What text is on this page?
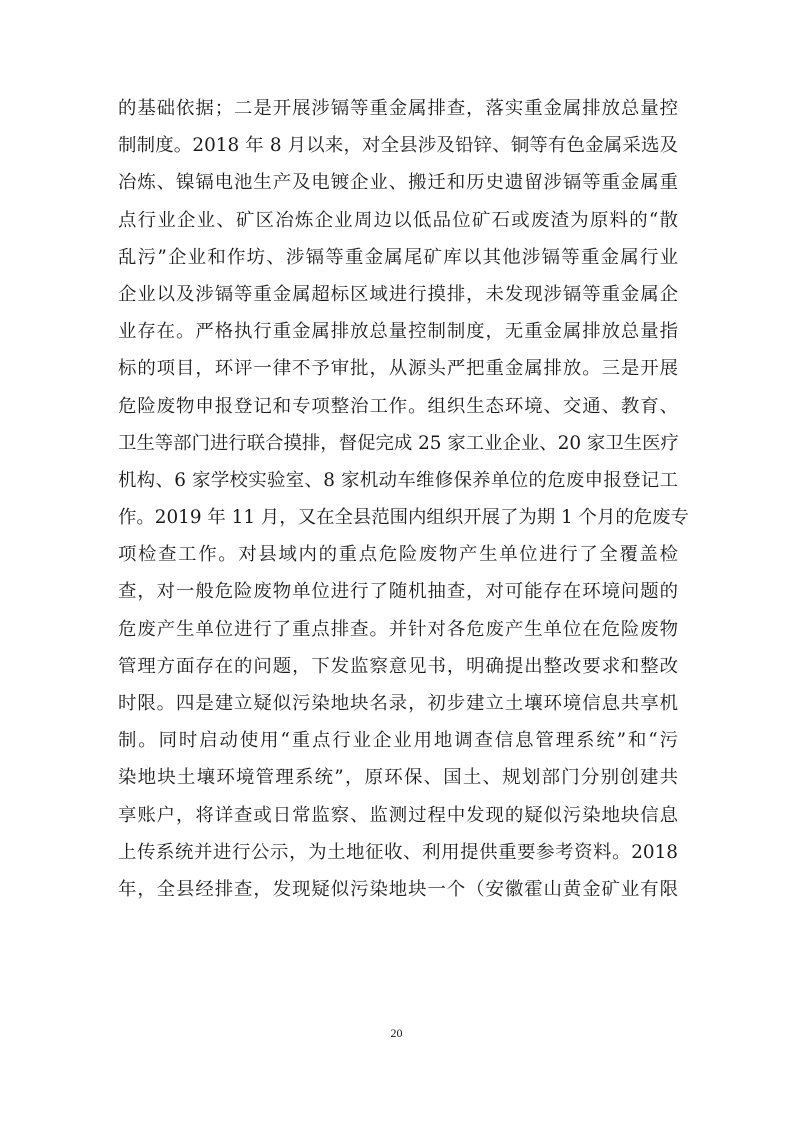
的基础依据；二是开展涉镉等重金属排查，落实重金属排放总量控
制制度。2018 年 8 月以来，对全县涉及铅锌、铜等有色金属采选及
冶炼、镍镉电池生产及电镀企业、搬迁和历史遗留涉镉等重金属重
点行业企业、矿区冶炼企业周边以低品位矿石或废渣为原料的“散
乱污”企业和作坊、涉镉等重金属尾矿库以其他涉镉等重金属行业
企业以及涉镉等重金属超标区域进行摸排，未发现涉镉等重金属企
业存在。严格执行重金属排放总量控制制度，无重金属排放总量指
标的项目，环评一律不予审批，从源头严把重金属排放。三是开展
危险废物申报登记和专项整治工作。组织生态环境、交通、教育、
卫生等部门进行联合摸排，督促完成 25 家工业企业、20 家卫生医疗
机构、6 家学校实验室、8 家机动车维修保养单位的危废申报登记工
作。2019 年 11 月，又在全县范围内组织开展了为期 1 个月的危废专
项检查工作。对县域内的重点危险废物产生单位进行了全覆盖检
查，对一般危险废物单位进行了随机抽查，对可能存在环境问题的
危废产生单位进行了重点排查。并针对各危废产生单位在危险废物
管理方面存在的问题，下发监察意见书，明确提出整改要求和整改
时限。四是建立疑似污染地块名录，初步建立土壤环境信息共享机
制。同时启动使用“重点行业企业用地调查信息管理系统”和“污
染地块土壤环境管理系统”，原环保、国土、规划部门分别创建共
享账户，将详查或日常监察、监测过程中发现的疑似污染地块信息
上传系统并进行公示，为土地征收、利用提供重要参考资料。2018
年，全县经排查，发现疑似污染地块一个（安徽霍山黄金矿业有限
20
